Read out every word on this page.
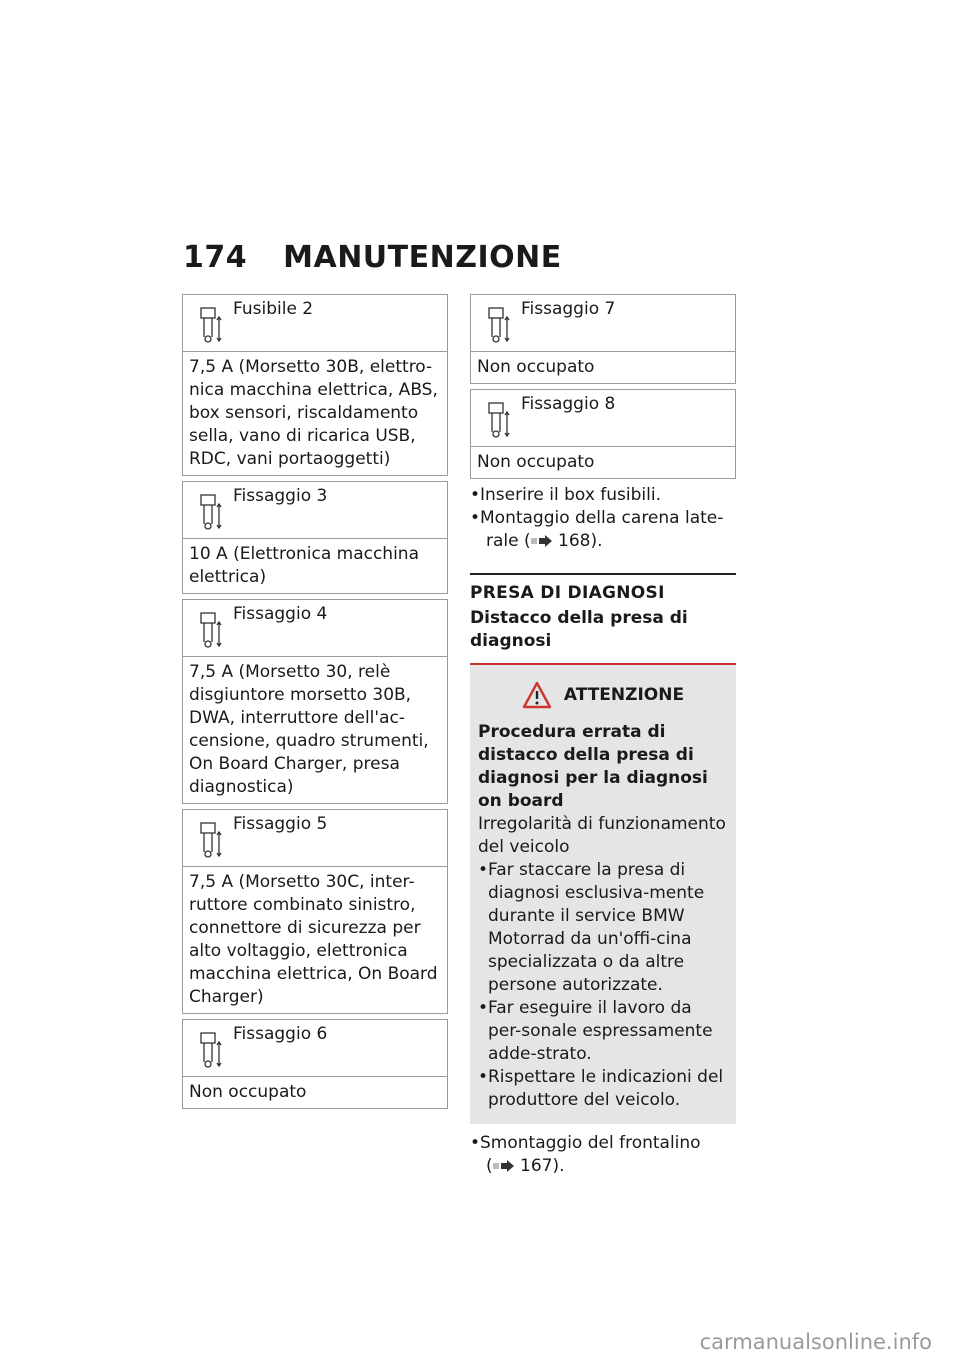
174 MANUTENZIONE
Fusibile 2
7,5 A (Morsetto 30B, elettro-nica macchina elettrica, ABS, box sensori, riscaldamento sella, vano di ricarica USB, RDC, vani portaoggetti)
Fissaggio 3
10 A (Elettronica macchina elettrica)
Fissaggio 4
7,5 A (Morsetto 30, relè disgiuntore morsetto 30B, DWA, interruttore dell'ac-censione, quadro strumenti, On Board Charger, presa diagnostica)
Fissaggio 5
7,5 A (Morsetto 30C, inter-ruttore combinato sinistro, connettore di sicurezza per alto voltaggio, elettronica macchina elettrica, On Board Charger)
Fissaggio 6
Non occupato
Fissaggio 7
Non occupato
Fissaggio 8
Non occupato
• Inserire il box fusibili.
• Montaggio della carena late-
rale ( 168).
PRESA DI DIAGNOSI
Distacco della presa di diagnosi
ATTENZIONE
Procedura errata di distacco della presa di diagnosi per la diagnosi on board
Irregolarità di funzionamento del veicolo
• Far staccare la presa di diagnosi esclusiva-mente durante il service BMW Motorrad da un'offi-cina specializzata o da altre persone autorizzate.
• Far eseguire il lavoro da per-sonale espressamente adde-strato.
• Rispettare le indicazioni del produttore del veicolo.
• Smontaggio del frontalino
( 167).
carmanualsonline.info
